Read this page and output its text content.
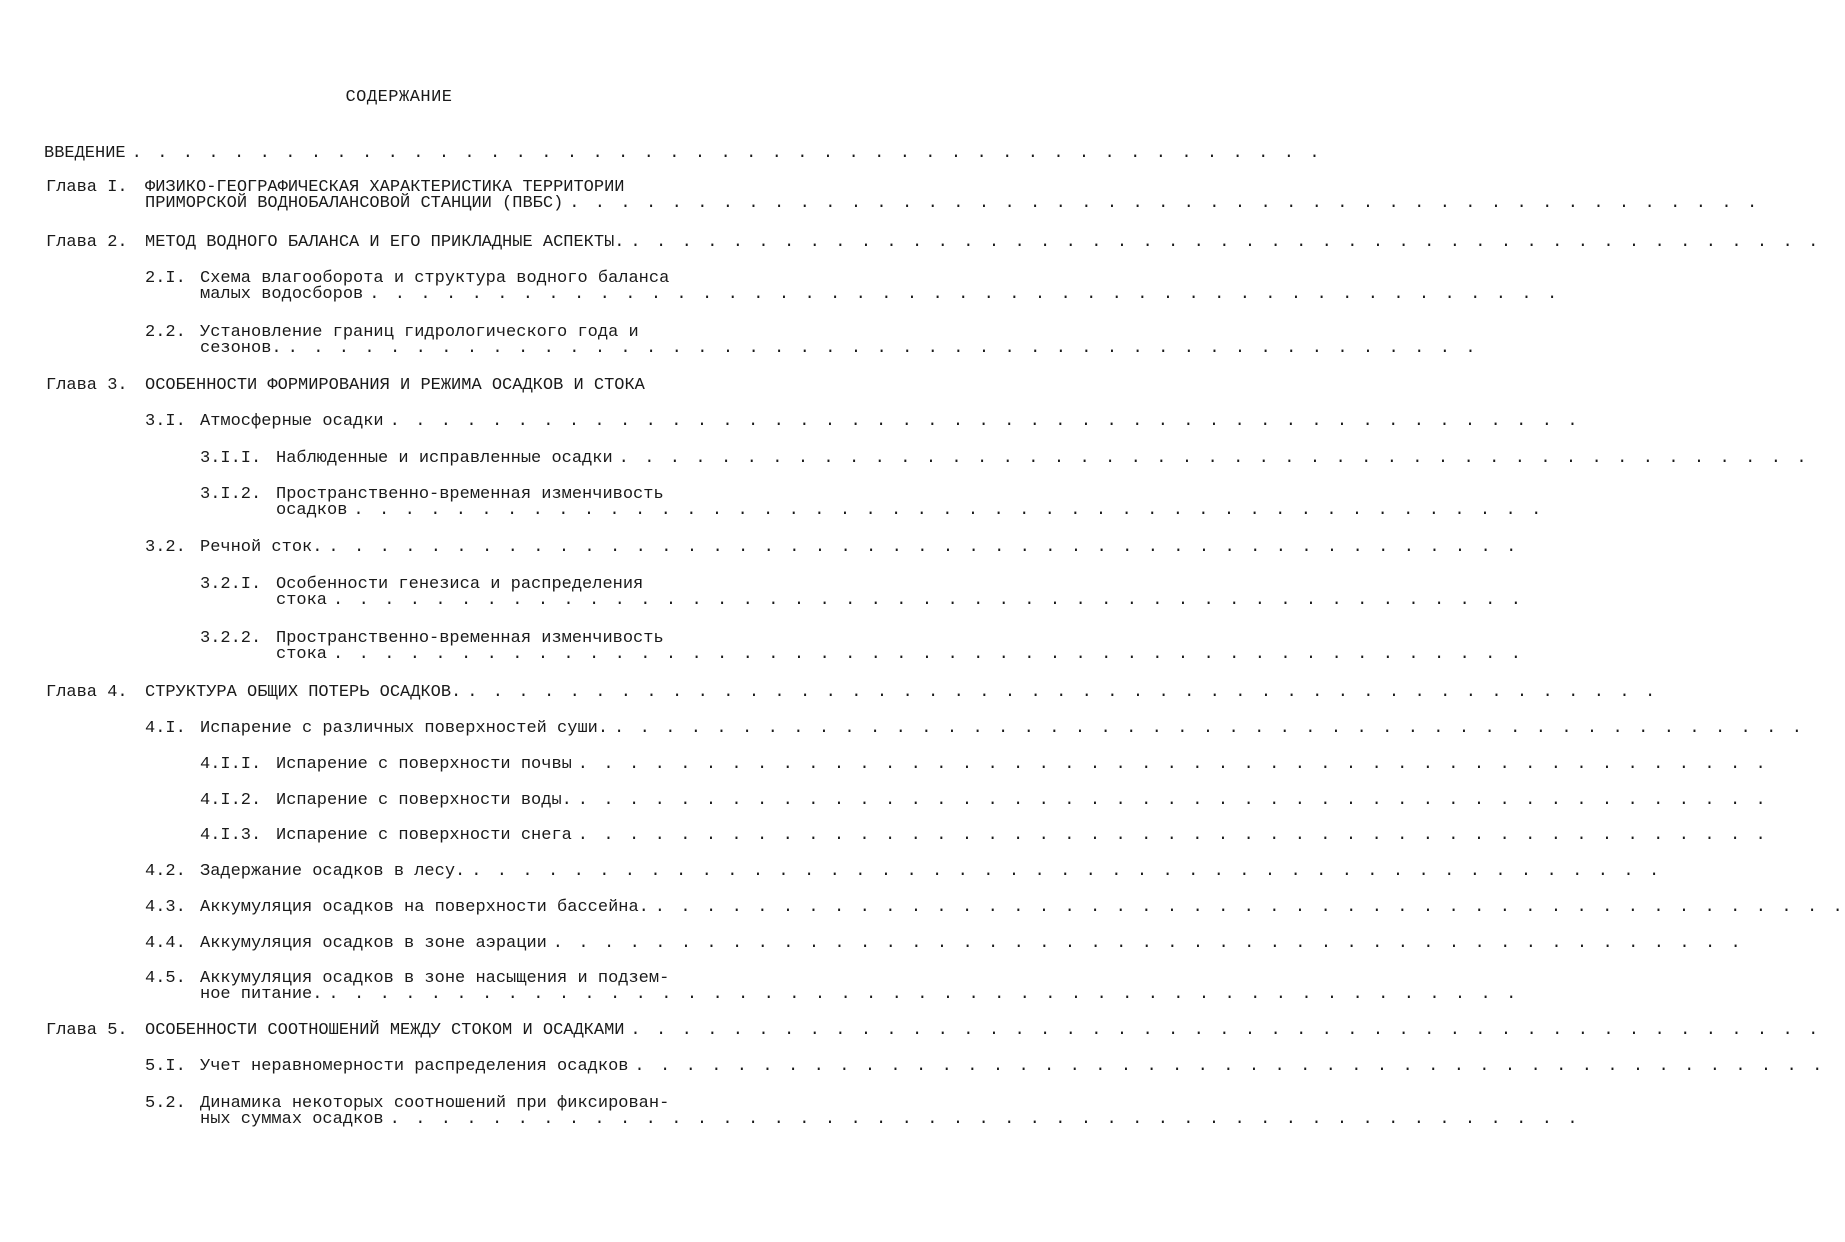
СОДЕРЖАНИЕ
ВВЕДЕНИЕ . . . . . . . . . . . . . . . . . . . . . . . . . . . . . . . . . . . . . . . . . . . . . . .
Глава I. ФИЗИКО-ГЕОГРАФИЧЕСКАЯ ХАРАКТЕРИСТИКА ТЕРРИТОРИИ
ПРИМОРСКОЙ ВОДНОБАЛАНСОВОЙ СТАНЦИИ (ПВБС) . . . . . . . . . . . . . . . . . . . . . . . . . . . . . . . . . . . . . . . . . . . . . . .
Глава 2. МЕТОД ВОДНОГО БАЛАНСА И ЕГО ПРИКЛАДНЫЕ АСПЕКТЫ. . . . . . . . . . . . . . . . . . . . . . . . . . . . . . . . . . . . . . . . . . . . . . . .
2.I. Схема влагооборота и структура водного баланса
малых водосборов . . . . . . . . . . . . . . . . . . . . . . . . . . . . . . . . . . . . . . . . . . . . . . .
2.2. Установление границ гидрологического года и
сезонов. . . . . . . . . . . . . . . . . . . . . . . . . . . . . . . . . . . . . . . . . . . . . . . .
Глава 3. ОСОБЕННОСТИ ФОРМИРОВАНИЯ И РЕЖИМА ОСАДКОВ И СТОКА
3.I. Атмосферные осадки . . . . . . . . . . . . . . . . . . . . . . . . . . . . . . . . . . . . . . . . . . . . . . .
3.I.I. Наблюденные и исправленные осадки . . . . . . . . . . . . . . . . . . . . . . . . . . . . . . . . . . . . . . . . . . . . . . .
3.I.2. Пространственно-временная изменчивость
осадков . . . . . . . . . . . . . . . . . . . . . . . . . . . . . . . . . . . . . . . . . . . . . . .
3.2. Речной сток. . . . . . . . . . . . . . . . . . . . . . . . . . . . . . . . . . . . . . . . . . . . . . . .
3.2.I. Особенности генезиса и распределения
стока . . . . . . . . . . . . . . . . . . . . . . . . . . . . . . . . . . . . . . . . . . . . . . .
3.2.2. Пространственно-временная изменчивость
стока . . . . . . . . . . . . . . . . . . . . . . . . . . . . . . . . . . . . . . . . . . . . . . .
Глава 4. СТРУКТУРА ОБЩИХ ПОТЕРЬ ОСАДКОВ. . . . . . . . . . . . . . . . . . . . . . . . . . . . . . . . . . . . . . . . . . . . . . . .
4.I. Испарение с различных поверхностей суши. . . . . . . . . . . . . . . . . . . . . . . . . . . . . . . . . . . . . . . . . . . . . . . .
4.I.I. Испарение с поверхности почвы . . . . . . . . . . . . . . . . . . . . . . . . . . . . . . . . . . . . . . . . . . . . . . .
4.I.2. Испарение с поверхности воды. . . . . . . . . . . . . . . . . . . . . . . . . . . . . . . . . . . . . . . . . . . . . . . .
4.I.3. Испарение с поверхности снега . . . . . . . . . . . . . . . . . . . . . . . . . . . . . . . . . . . . . . . . . . . . . . .
4.2. Задержание осадков в лесу. . . . . . . . . . . . . . . . . . . . . . . . . . . . . . . . . . . . . . . . . . . . . . . .
4.3. Аккумуляция осадков на поверхности бассейна. . . . . . . . . . . . . . . . . . . . . . . . . . . . . . . . . . . . . . . . . . . . . . . .
4.4. Аккумуляция осадков в зоне аэрации . . . . . . . . . . . . . . . . . . . . . . . . . . . . . . . . . . . . . . . . . . . . . . .
4.5. Аккумуляция осадков в зоне насыщения и подзем-
ное питание. . . . . . . . . . . . . . . . . . . . . . . . . . . . . . . . . . . . . . . . . . . . . . . .
Глава 5. ОСОБЕННОСТИ СООТНОШЕНИЙ МЕЖДУ СТОКОМ И ОСАДКАМИ . . . . . . . . . . . . . . . . . . . . . . . . . . . . . . . . . . . . . . . . . . . . . . .
5.I. Учет неравномерности распределения осадков . . . . . . . . . . . . . . . . . . . . . . . . . . . . . . . . . . . . . . . . . . . . . . .
5.2. Динамика некоторых соотношений при фиксирован-
ных суммах осадков . . . . . . . . . . . . . . . . . . . . . . . . . . . . . . . . . . . . . . . . . . . . . . .
